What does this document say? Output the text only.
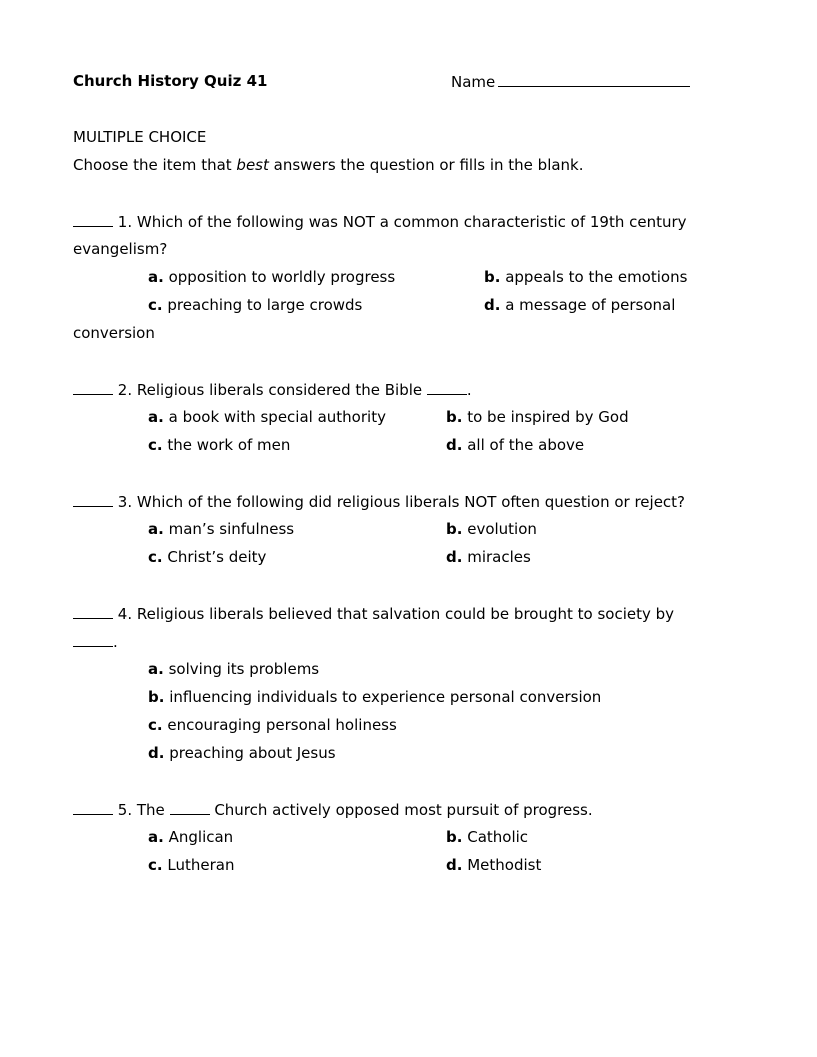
Church History Quiz 41	Name
MULTIPLE CHOICE
Choose the item that best answers the question or fills in the blank.
1. Which of the following was NOT a common characteristic of 19th century
evangelism?
a. opposition to worldly progress	b. appeals to the emotions
c. preaching to large crowds	d. a message of personal
conversion
2. Religious liberals considered the Bible	.
a. a book with special authority	b. to be inspired by God
c. the work of men	d. all of the above
3. Which of the following did religious liberals NOT often question or reject?
a. man’s sinfulness	b. evolution
c. Christ’s deity	d. miracles
4. Religious liberals believed that salvation could be brought to society by
.
a. solving its problems
b. influencing individuals to experience personal conversion
c. encouraging personal holiness
d. preaching about Jesus
5. The	Church actively opposed most pursuit of progress.
a. Anglican	b. Catholic
c. Lutheran	d. Methodist
